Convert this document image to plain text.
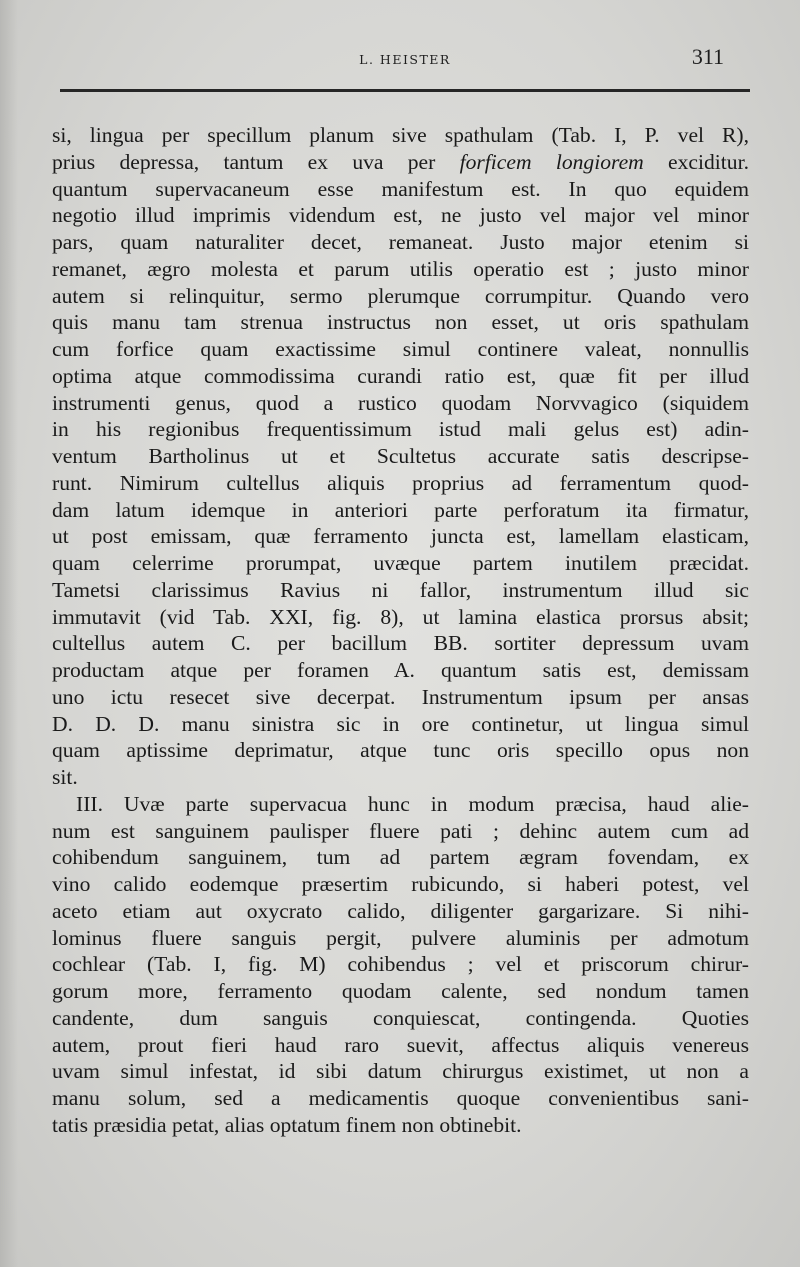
L. HEISTER	311
si, lingua per specillum planum sive spathulam (Tab. I, P. vel R),
prius depressa, tantum ex uva per forficem longiorem exciditur.
quantum supervacaneum esse manifestum est. In quo equidem
negotio illud imprimis videndum est, ne justo vel major vel minor
pars, quam naturaliter decet, remaneat. Justo major etenim si
remanet, ægro molesta et parum utilis operatio est ; justo minor
autem si relinquitur, sermo plerumque corrumpitur. Quando vero
quis manu tam strenua instructus non esset, ut oris spathulam
cum forfice quam exactissime simul continere valeat, nonnullis
optima atque commodissima curandi ratio est, quæ fit per illud
instrumenti genus, quod a rustico quodam Norvvagico (siquidem
in his regionibus frequentissimum istud mali gelus est) adin-
ventum Bartholinus ut et Scultetus accurate satis descripse-
runt. Nimirum cultellus aliquis proprius ad ferramentum quod-
dam latum idemque in anteriori parte perforatum ita firmatur,
ut post emissam, quæ ferramento juncta est, lamellam elasticam,
quam celerrime prorumpat, uvæque partem inutilem præcidat.
Tametsi clarissimus Ravius ni fallor, instrumentum illud sic
immutavit (vid Tab. XXI, fig. 8), ut lamina elastica prorsus absit;
cultellus autem C. per bacillum BB. sortiter depressum uvam
productam atque per foramen A. quantum satis est, demissam
uno ictu resecet sive decerpat. Instrumentum ipsum per ansas
D. D. D. manu sinistra sic in ore continetur, ut lingua simul
quam aptissime deprimatur, atque tunc oris specillo opus non
sit.
III. Uvæ parte supervacua hunc in modum præcisa, haud alie-
num est sanguinem paulisper fluere pati ; dehinc autem cum ad
cohibendum sanguinem, tum ad partem ægram fovendam, ex
vino calido eodemque præsertim rubicundo, si haberi potest, vel
aceto etiam aut oxycrato calido, diligenter gargarizare. Si nihi-
lominus fluere sanguis pergit, pulvere aluminis per admotum
cochlear (Tab. I, fig. M) cohibendus ; vel et priscorum chirur-
gorum more, ferramento quodam calente, sed nondum tamen
candente, dum sanguis conquiescat, contingenda. Quoties
autem, prout fieri haud raro suevit, affectus aliquis venereus
uvam simul infestat, id sibi datum chirurgus existimet, ut non a
manu solum, sed a medicamentis quoque convenientibus sani-
tatis præsidia petat, alias optatum finem non obtinebit.
